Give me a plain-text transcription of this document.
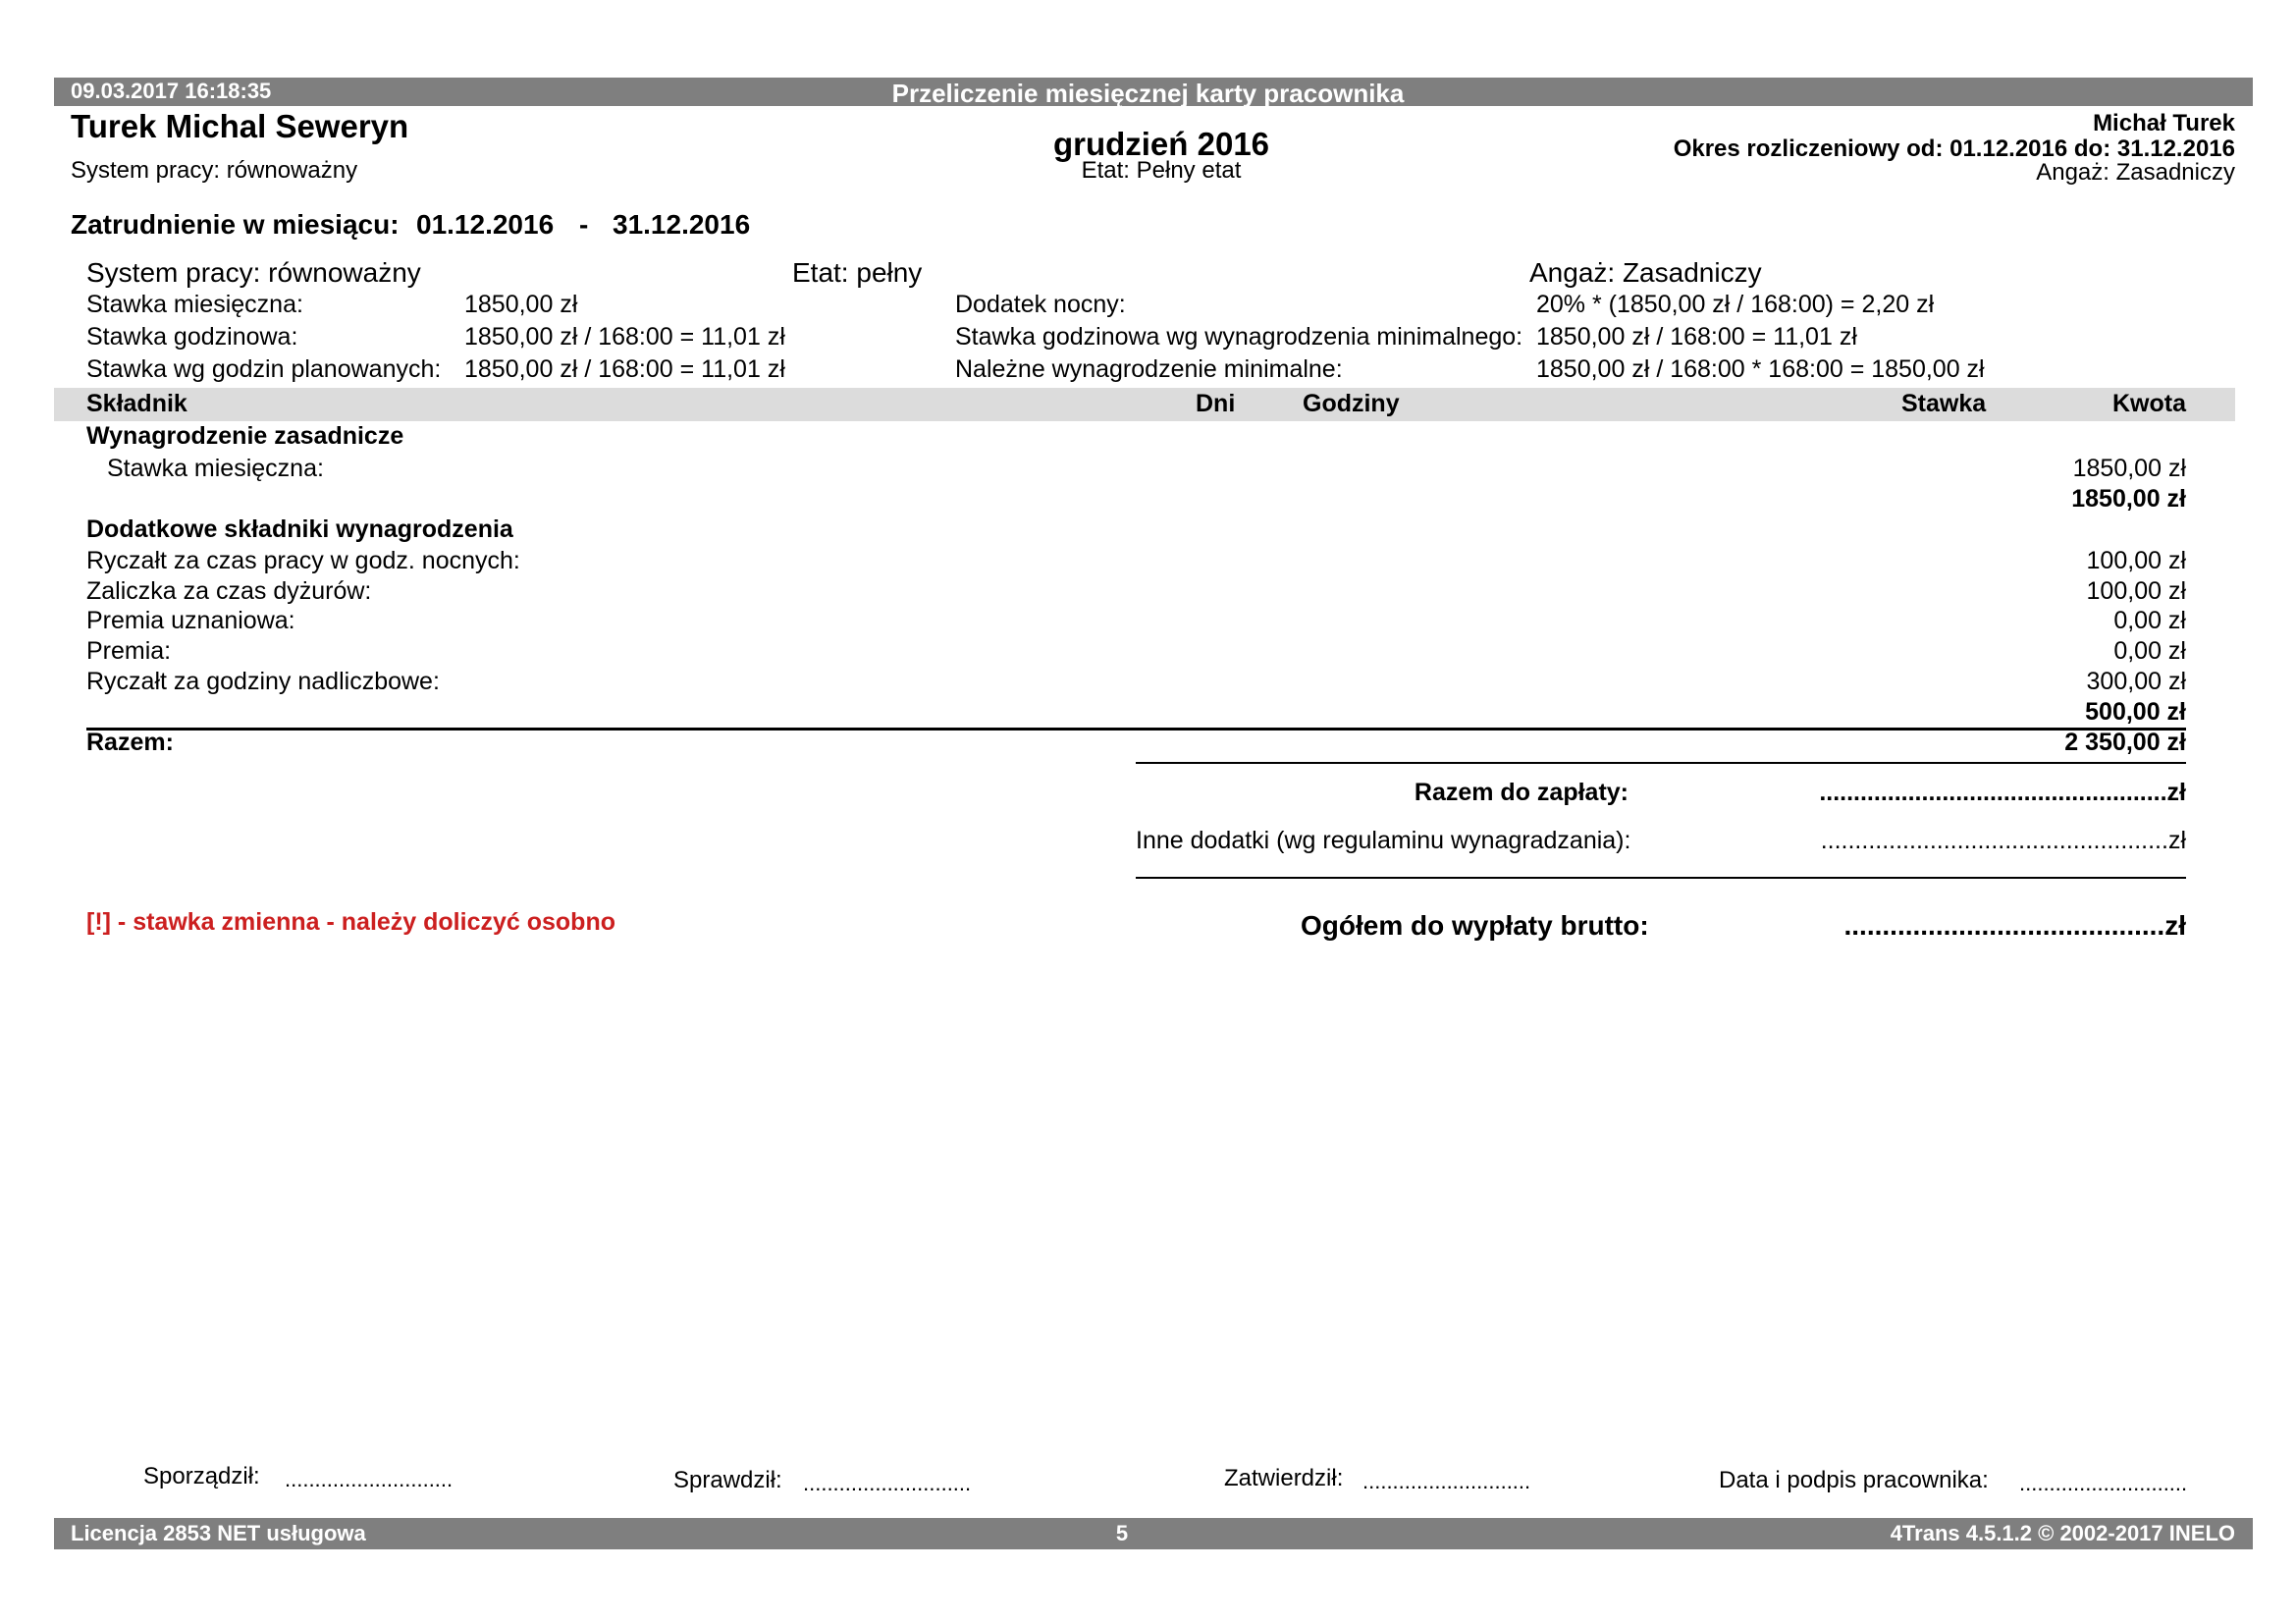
09.03.2017 16:18:35	Przeliczenie miesięcznej karty pracownika
Turek Michal Seweryn
System pracy: równoważny
grudzień 2016
Etat: Pełny etat
Michał Turek
Okres rozliczeniowy od: 01.12.2016 do: 31.12.2016
Angaż: Zasadniczy
Zatrudnienie w miesiącu: 01.12.2016 - 31.12.2016
System pracy: równoważny	Etat: pełny	Angaż: Zasadniczy
Stawka miesięczna:	1850,00 zł
Stawka godzinowa:	1850,00 zł / 168:00 = 11,01 zł
Stawka wg godzin planowanych: 1850,00 zł / 168:00 = 11,01 zł
Dodatek nocny:	20% * (1850,00 zł / 168:00) = 2,20 zł
Stawka godzinowa wg wynagrodzenia minimalnego: 1850,00 zł / 168:00 = 11,01 zł
Należne wynagrodzenie minimalne:	1850,00 zł / 168:00 * 168:00 = 1850,00 zł
Składnik	Dni	Godziny	Stawka	Kwota
Wynagrodzenie zasadnicze
Stawka miesięczna:	1850,00 zł
1850,00 zł
Dodatkowe składniki wynagrodzenia
Ryczałt za czas pracy w godz. nocnych:	100,00 zł
Zaliczka za czas dyżurów:	100,00 zł
Premia uznaniowa:	0,00 zł
Premia:	0,00 zł
Ryczałt za godziny nadliczbowe:	300,00 zł
500,00 zł
Razem:	2 350,00 zł
Razem do zapłaty:	...................................................zł
Inne dodatki (wg regulaminu wynagradzania):	...................................................zł
[!] - stawka zmienna - należy doliczyć osobno	Ogółem do wypłaty brutto:	..........................................zł
Sporządził: ............................	Sprawdził: ............................	Zatwierdził: ............................	Data i podpis pracownika: ............................
Licencja 2853 NET usługowa	5	4Trans 4.5.1.2 © 2002-2017 INELO
